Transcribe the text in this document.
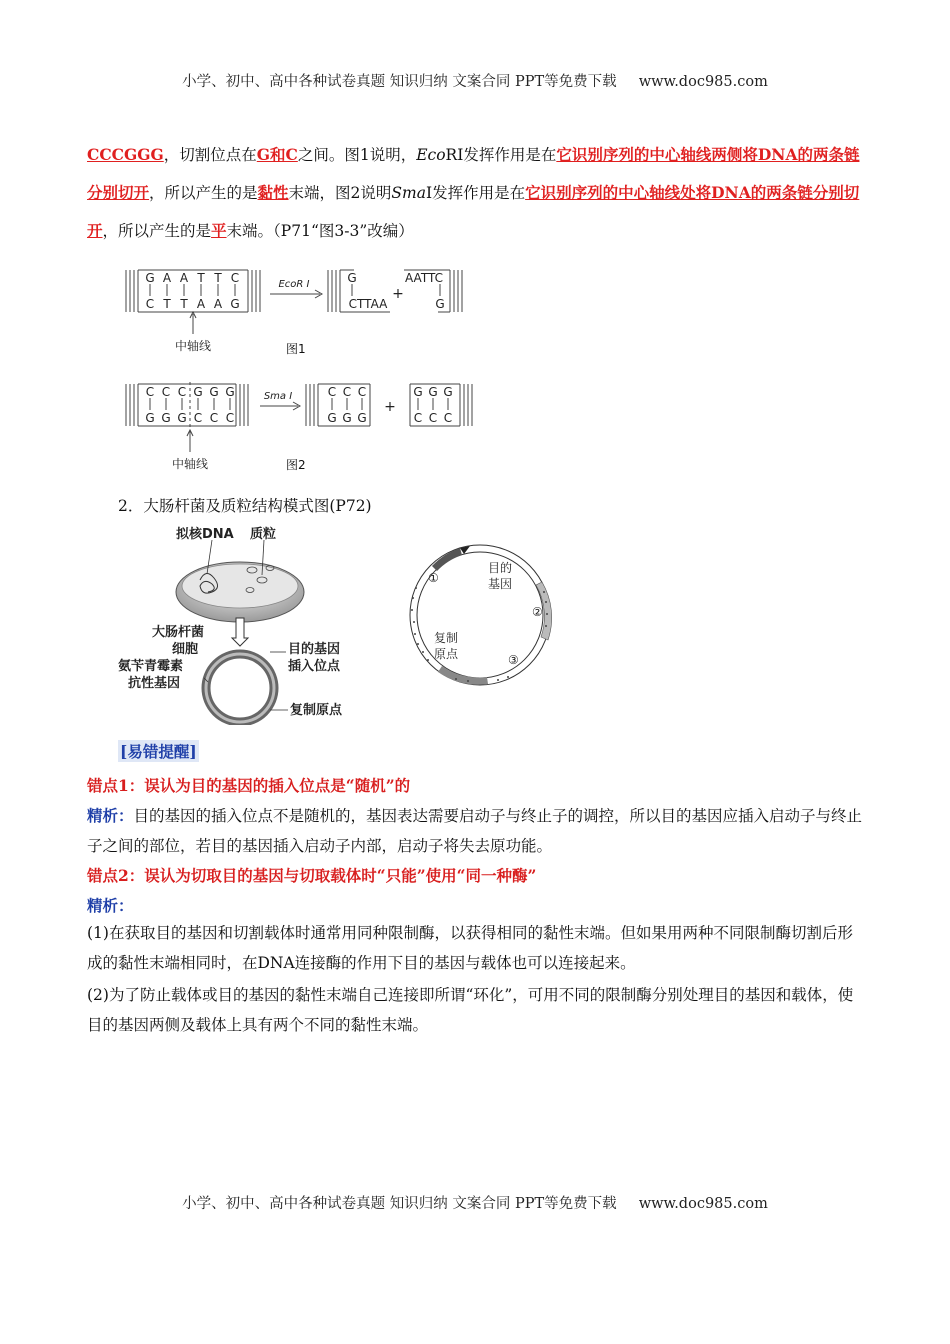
小学、初中、高中各种试卷真题 知识归纳 文案合同 PPT等免费下载 www.doc985.com
CCCGGG，切割位点在G和C之间。图1说明，EcoRI发挥作用是在它识别序列的中心轴线两侧将DNA的两条链分别切开，所以产生的是黏性末端，图2说明SmaI发挥作用是在它识别序列的中心轴线处将DNA的两条链分别切开，所以产生的是平末端。（P71“图3-3”改编）
G A A T T C
C T T A A G
EcoR I	G
CTTAA
+
AATTC
G
中轴线	图1
C C C G G G
G G G C C C
Sma I	C C C
G G G
+
G G G
C C C
中轴线	图2
2．大肠杆菌及质粒结构模式图(P72)
拟核DNA 质粒
大肠杆菌
细胞
氨苄青霉素
抗性基因
目的基因
插入位点
复制原点
①
②
③
目的
基因
复制
原点
[易错提醒]
错点1：误认为目的基因的插入位点是“随机”的
精析：目的基因的插入位点不是随机的，基因表达需要启动子与终止子的调控，所以目的基因应插入启动子与终止子之间的部位，若目的基因插入启动子内部，启动子将失去原功能。
错点2：误认为切取目的基因与切取载体时“只能”使用“同一种酶”
精析：
(1)在获取目的基因和切割载体时通常用同种限制酶，以获得相同的黏性末端。但如果用两种不同限制酶切割后形成的黏性末端相同时，在DNA连接酶的作用下目的基因与载体也可以连接起来。
(2)为了防止载体或目的基因的黏性末端自己连接即所谓“环化”，可用不同的限制酶分别处理目的基因和载体，使目的基因两侧及载体上具有两个不同的黏性末端。
小学、初中、高中各种试卷真题 知识归纳 文案合同 PPT等免费下载 www.doc985.com
